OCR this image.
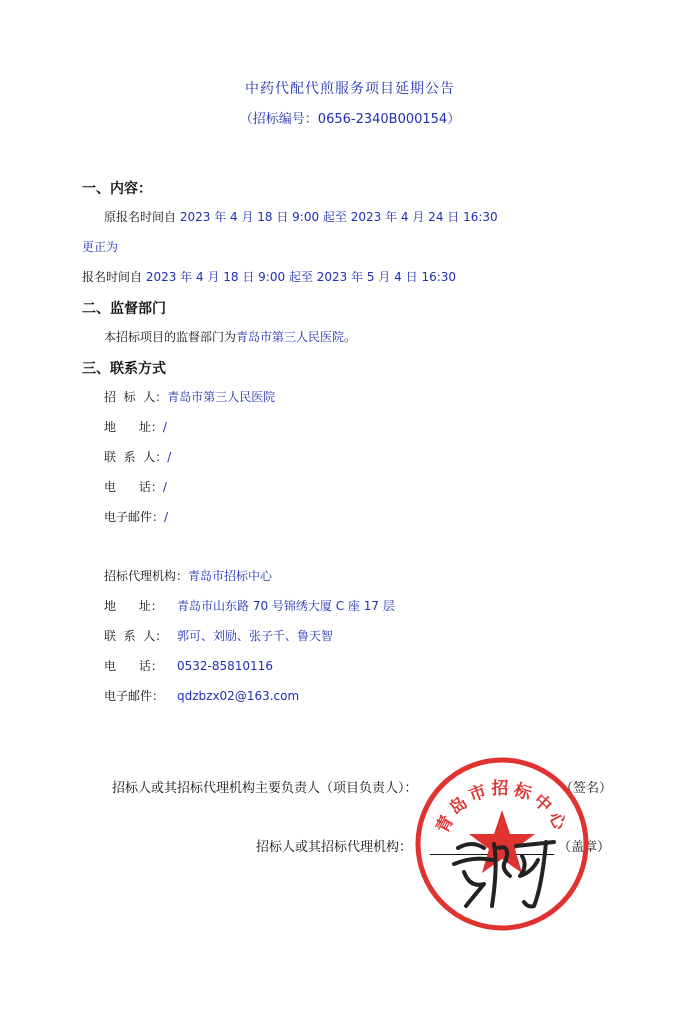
中药代配代煎服务项目延期公告
（招标编号：0656-2340B000154）
一、内容：
原报名时间自 2023 年 4 月 18 日 9:00 起至 2023 年 4 月 24 日 16:30
更正为
报名时间自 2023 年 4 月 18 日 9:00 起至 2023 年 5 月 4 日 16:30
二、监督部门
本招标项目的监督部门为青岛市第三人民医院。
三、联系方式
招  标  人：青岛市第三人民医院
地      址：/
联  系  人：/
电      话：/
电子邮件：/
招标代理机构：青岛市招标中心
地      址： 青岛市山东路 70 号锦绣大厦 C 座 17 层
联  系  人： 郭可、刘励、张子千、鲁天智
电      话： 0532-85810116
电子邮件： qdzbzx02@163.com
招标人或其招标代理机构主要负责人（项目负责人）：	（签名）
招标人或其招标代理机构：	（盖章）
青岛市招标中心
